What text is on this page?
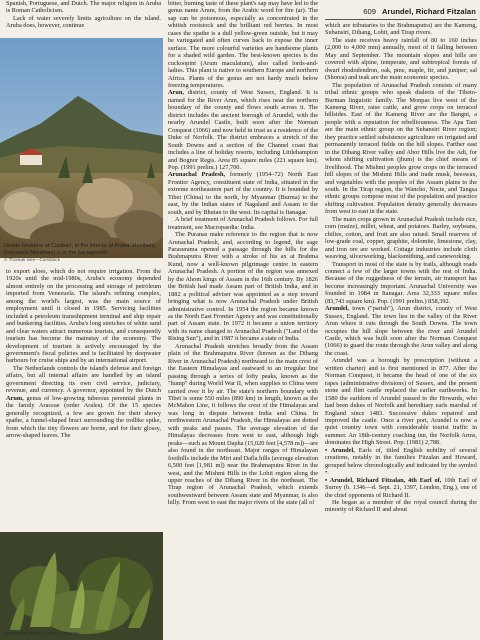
609 Arundel, Richard Fitzalan

Spanish, Portuguese, and Dutch. The major religion in Aruba is Roman Catholicism.

Lack of water severely limits agriculture on the island. Aruba does, however, continue

Diorite boulders at Casibari, in the interior of Aruba. Hooiberg (Haystack Mountain) is in the background
© Thomas Ives—Comstock

to export aloes, which do not require irrigation. From the 1920s until the mid-1980s, Aruba's economy depended almost entirely on the processing and storage of petroleum imported from Venezuela. The island's refining complex, among the world's largest, was the main source of employment until it closed in 1985. Servicing facilities included a petroleum transshipment terminal and ship repair and bunkering facilities. Aruba's long stretches of white sand and clear waters attract numerous tourists, and consequently tourism has become the mainstay of the economy. The development of tourism is actively encouraged by the government's fiscal policies and is facilitated by deepwater harbours for cruise ships and by an international airport.

The Netherlands controls the island's defense and foreign affairs, but all internal affairs are handled by an island government directing its own civil service, judiciary, revenue, and currency. A governor, appointed by the Dutch

Arum, genus of low-growing tuberous perennial plants in the family Araceae (order Arales). Of the 15 species generally recognized, a few are grown for their showy spathe, a funnel-shaped bract surrounding the rodlike spike, from which the tiny flowers are borne, and for their glossy, arrow-shaped leaves. The

Arisarum arum (Arum vulgare)

bitter, burning taste of these plant's sap may have led to the genus name Arum, from the Arabic word for fire (ar). The sap can be poisonous, especially as concentrated in the whitish rootstock and the brilliant red berries. In most cases the spathe is a dull yellow-green outside, but it may be variegated and often curves back to expose the inner surface. The more colourful varieties are handsome plants for a shaded wild garden. The best-known species is the cuckoopint (Arum maculatum), also called lords-and-ladies. This plant is native to southern Europe and northern Africa. Plants of the genus are not hardy much below freezing temperatures.

Arun, district, county of West Sussex, England. It is named for the River Arun, which rises near the northern boundary of the county and flows south across it. The district includes the ancient borough of Arundel, with the nearby Arundel Castle, built soon after the Norman Conquest (1066) and now held in trust as a residence of the Duke of Norfolk. The district embraces a stretch of the South Downs and a section of the Channel coast that includes a line of holiday resorts, including Littlehampton and Bognor Regis. Area 85 square miles (221 square km). Pop. (1991 prelim.) 127,700.

Arunachal Pradesh, formerly (1954–72) North East Frontier Agency, constituent state of India, situated in the extreme northeastern part of the country. It is bounded by Tibet (China) to the north, by Myanmar (Burma) to the east, by the Indian states of Nagaland and Assam to the south, and by Bhutan to the west. Its capital is Itanagar.

A brief treatment of Arunachal Pradesh follows. For full treatment, see Macropaedia: India.

The Puranas make reference to the region that is now Arunachal Pradesh, and, according to legend, the sage Parasurama opened a passage through the hills for the Brahmaputra River with a stroke of his ax at Brahma Kund, now a well-known pilgrimage centre in eastern Arunachal Pradesh. A portion of the region was annexed by the Ahom kings of Assam in the 16th century. By 1826 the British had made Assam part of British India, and in 1882 a political adviser was appointed as a step toward bringing what is now Arunachal Pradesh under British administrative control. In 1954 the region became known as the North East Frontier Agency and was constitutionally part of Assam state. In 1972 it became a union territory with its name changed to Arunachal Pradesh ("Land of the Rising Sun"), and in 1987 it became a state of India.

Arunachal Pradesh stretches broadly from the Assam plain of the Brahmaputra River (known as the Dihang River in Arunachal Pradesh) northward to the main crest of the Eastern Himalayas and eastward to an irregular line passing through a series of lofty peaks, known as the "hump" during World War II, when supplies to China were carried over it by air. The state's northern boundary with Tibet is some 550 miles (890 km) in length, known as the McMahon Line, it follows the crest of the Himalayas and was long in dispute between India and China. In northwestern Arunachal Pradesh, the Himalayas are dotted with peaks and passes. The average elevation of the Himalayas decreases from west to east, although high peaks—such as Mount Dapha (15,020 feet [4,578 m])—are also found in the northeast. Major ranges of Himalayan foothills include the Miri and Dafla hills (average elevation 6,500 feet [1,981 m]) near the Brahmaputra River in the west, and the Mishmi Hills in the Lohit region along the upper reaches of the Dibang River in the northeast. The Tirap region of Arunachal Pradesh, which extends southwestward between Assam state and Myanmar, is also hilly. From west to east the major rivers of the state (all of

which are tributaries to the Brahmaputra) are the Kameng, Subansiri, Dihang, Lohit, and Tirap rivers.

The state receives heavy rainfall of 80 to 160 inches (2,000 to 4,000 mm) annually, most of it falling between May and September. The mountain slopes and hills are covered with alpine, temperate, and subtropical forests of dwarf rhododendron, oak, pine, maple, fir, and juniper; sal (Shorea) and teak are the main economic species.

The population of Arunachal Pradesh consists of many tribal ethnic groups who speak dialects of the Tibeto-Burman linguistic family. The Monpas live west of the Kameng River, raise cattle, and grow crops on terraced hillsides. East of the Kameng River are the Bangni, a people with a reputation for rebelliousness. The Apa Tani are the main ethnic group on the Subansiri River region; they practice settled subsistence agriculture on irrigated and permanently terraced fields on the hill slopes. Farther east in the Dihang River valley and Abor Hills live the Adi, for whom shifting cultivation (jhum) is the chief means of livelihood. The Mishmi peoples grow crops on the terraced hill slopes of the Mishmi Hills and trade musk, beeswax, and vegetables with the peoples of the Assam plains to the south. In the Tirap region, the Wancho, Nocte, and Tangsa ethnic groups compose most of the population and practice shifting cultivation. Population density generally decreases from west to east in the state.

The main crops grown in Arunachal Pradesh include rice, corn (maize), millet, wheat, and potatoes. Barley, soybeans, chilies, cotton, and fruit are also raised. Small reserves of low-grade coal, copper, graphite, dolomite, limestone, clay, and iron ore are worked. Cottage industries include cloth weaving, silverworking, blacksmithing, and caneworking.

Transport in most of the state is by trails, although roads connect a few of the larger towns with the rest of India. Because of the ruggedness of the terrain, air transport has become increasingly important. Arunachal University was founded in 1984 in Itanagar. Area 32,333 square miles (83,743 square km). Pop. (1991 prelim.) 858,392.

Arundel, town ("parish"), Arun district, county of West Sussex, England. The town lies in the valley of the River Arun where it cuts through the South Downs. The town occupies the hill slope between the river and Arundel Castle, which was built soon after the Norman Conquest (1066) to guard the route through the Arun valley and along the coast.

Arundel was a borough by prescription (without a written charter) and is first mentioned in 877. After the Norman Conquest, it became the head of one of the six rapes (administrative divisions) of Sussex, and the present stone and flint castle replaced the earlier earthworks. In 1580 the earldom of Arundel passed to the Howards, who had been dukes of Norfolk and hereditary earls marshal of England since 1483. Successive dukes repaired and improved the castle. Once a river port, Arundel is now a quiet country town with considerable tourist traffic in summer. An 18th-century coaching inn, the Norfolk Arms, dominates the High Street. Pop. (1981) 2,788.

• Arundel, Earls of, titled English nobility of several creations, notably in the families Fitzalan and Howard, grouped below chronologically and indicated by the symbol •.

• Arundel, Richard Fitzalan, 4th Earl of, 10th Earl of Surrey (b. 1346—d. Sept. 21, 1397, London, Eng.), one of the chief opponents of Richard II.

He began as a member of the royal council during the minority of Richard II and about
